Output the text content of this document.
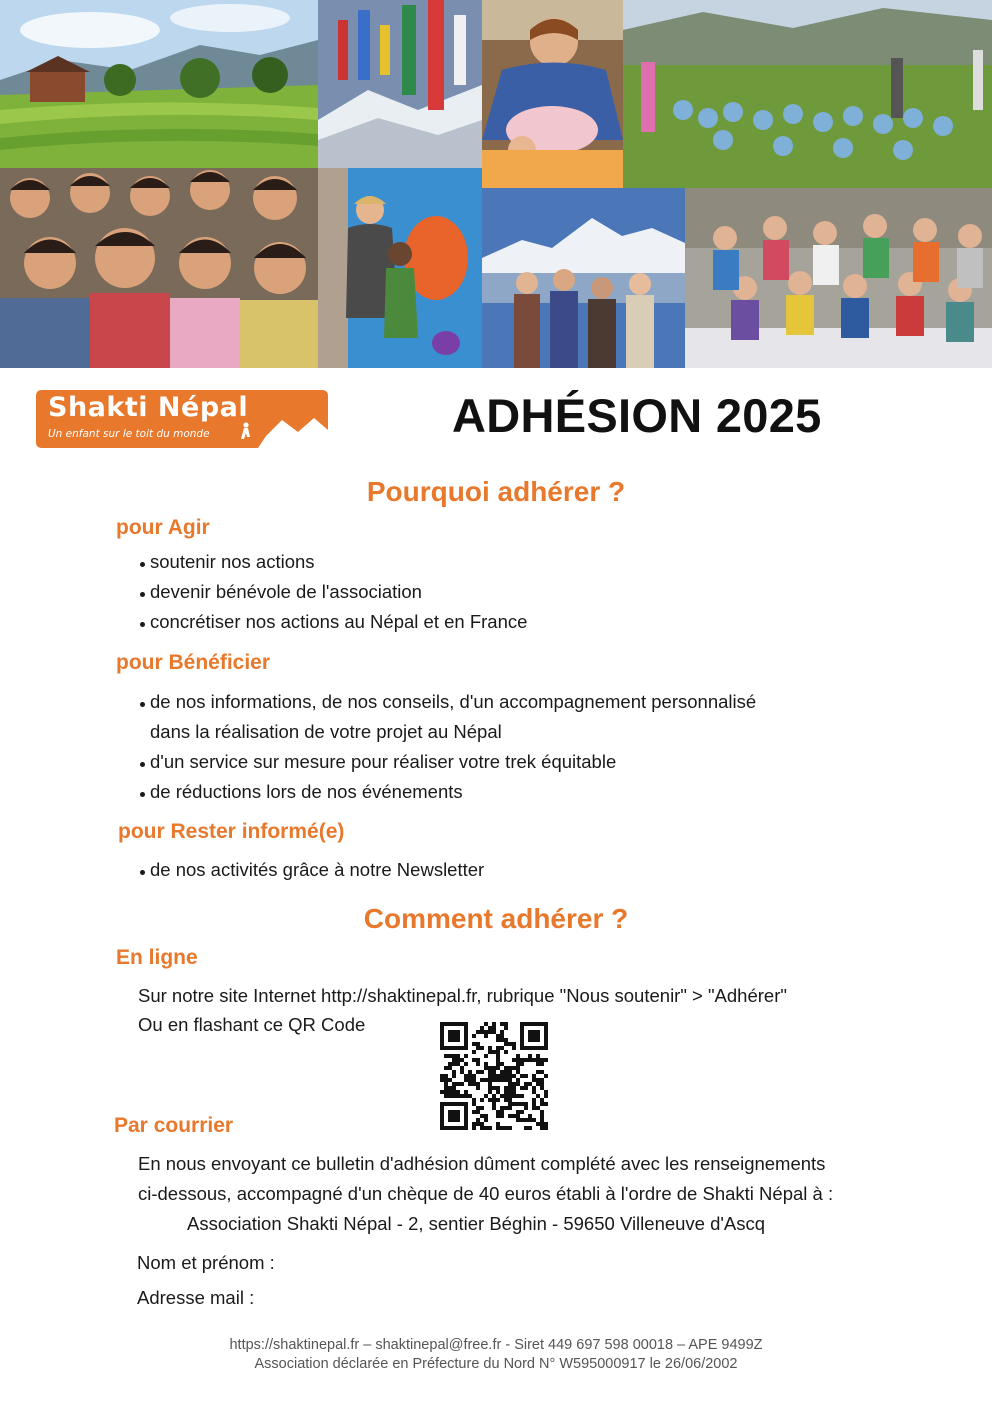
Shakti Népal
Un enfant sur le toit du monde	ADHÉSION 2025
Pourquoi adhérer ?
pour Agir
soutenir nos actions
devenir bénévole de l'association
concrétiser nos actions au Népal et en France
pour Bénéficier
de nos informations, de nos conseils, d'un accompagnement personnalisé
dans la réalisation de votre projet au Népal
d'un service sur mesure pour réaliser votre trek équitable
de réductions lors de nos événements
pour Rester informé(e)
de nos activités grâce à notre Newsletter
Comment adhérer ?
En ligne
Sur notre site Internet http://shaktinepal.fr, rubrique "Nous soutenir" > "Adhérer"
Ou en flashant ce QR Code
Par courrier
En nous envoyant ce bulletin d'adhésion dûment complété avec les renseignements
ci-dessous, accompagné d'un chèque de 40 euros établi à l'ordre de Shakti Népal à :
Association Shakti Népal - 2, sentier Béghin - 59650 Villeneuve d'Ascq
Nom et prénom :
Adresse mail :
https://shaktinepal.fr – shaktinepal@free.fr - Siret 449 697 598 00018 – APE 9499Z
Association déclarée en Préfecture du Nord N° W595000917 le 26/06/2002
